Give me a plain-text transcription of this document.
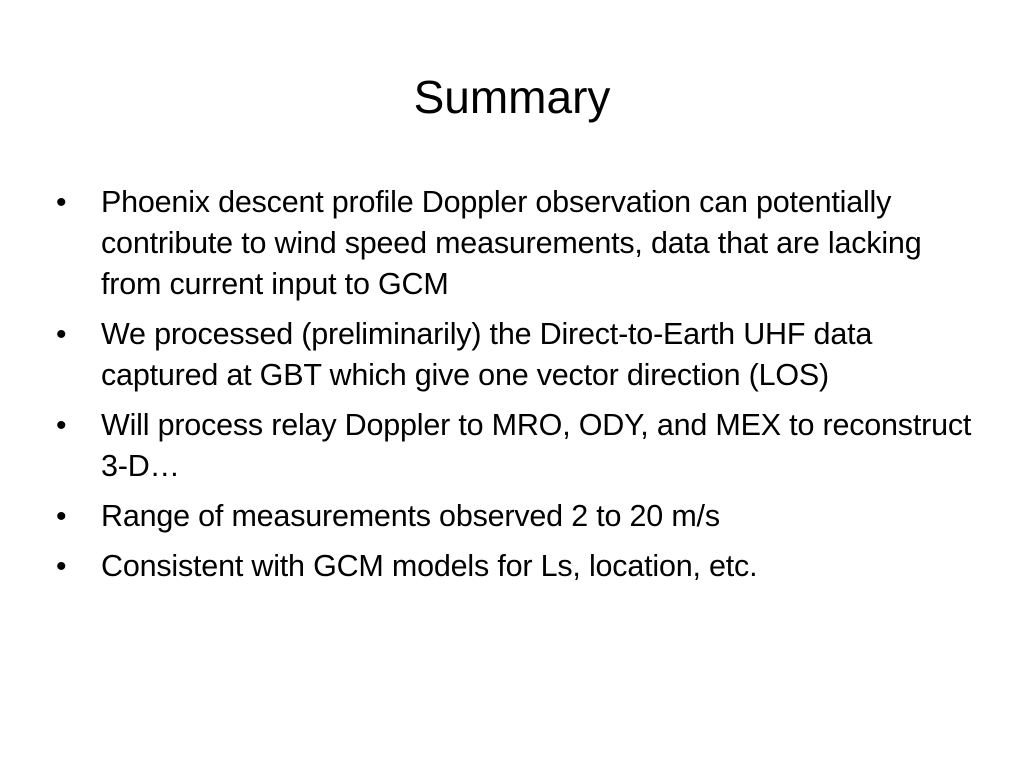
Summary
•	Phoenix descent profile Doppler observation can potentially contribute to wind speed measurements, data that are lacking from current input to GCM
•	We processed (preliminarily) the Direct-to-Earth UHF data captured at GBT which give one vector direction (LOS)
•	Will process relay Doppler to MRO, ODY, and MEX to reconstruct 3-D…
•	Range of measurements observed 2 to 20 m/s
•	Consistent with GCM models for Ls, location, etc.
